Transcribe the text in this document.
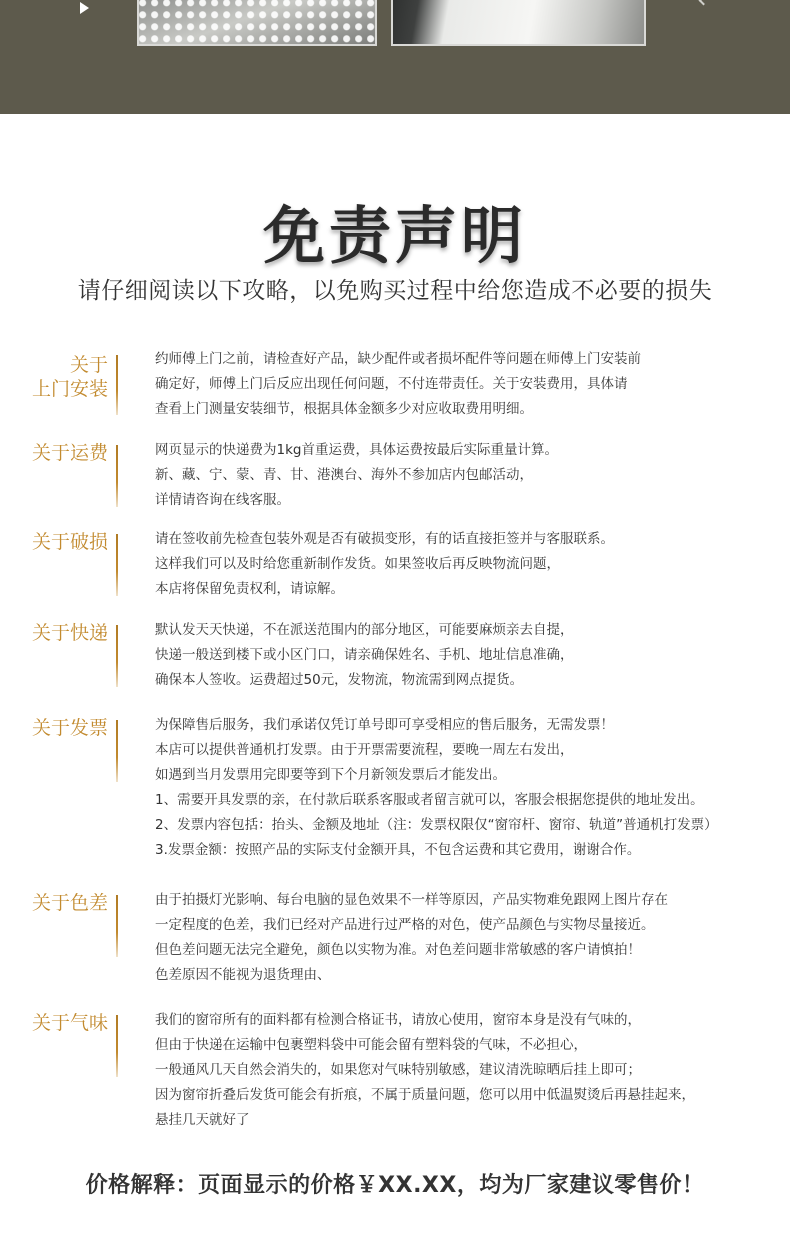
免责声明
请仔细阅读以下攻略，以免购买过程中给您造成不必要的损失
关于
上门安装
约师傅上门之前，请检查好产品，缺少配件或者损坏配件等问题在师傅上门安装前
确定好，师傅上门后反应出现任何问题，不付连带责任。关于安装费用，具体请
查看上门测量安装细节，根据具体金额多少对应收取费用明细。
关于运费	网页显示的快递费为1kg首重运费，具体运费按最后实际重量计算。
新、藏、宁、蒙、青、甘、港澳台、海外不参加店内包邮活动，
详情请咨询在线客服。
关于破损	请在签收前先检查包装外观是否有破损变形，有的话直接拒签并与客服联系。
这样我们可以及时给您重新制作发货。如果签收后再反映物流问题，
本店将保留免责权利，请谅解。
关于快递	默认发天天快递，不在派送范围内的部分地区，可能要麻烦亲去自提，
快递一般送到楼下或小区门口，请亲确保姓名、手机、地址信息准确，
确保本人签收。运费超过50元，发物流，物流需到网点提货。
关于发票	为保障售后服务，我们承诺仅凭订单号即可享受相应的售后服务，无需发票！
本店可以提供普通机打发票。由于开票需要流程，要晚一周左右发出，
如遇到当月发票用完即要等到下个月新领发票后才能发出。
1、需要开具发票的亲，在付款后联系客服或者留言就可以，客服会根据您提供的地址发出。
2、发票内容包括：抬头、金额及地址（注：发票权限仅“窗帘杆、窗帘、轨道”普通机打发票）
3.发票金额：按照产品的实际支付金额开具，不包含运费和其它费用，谢谢合作。
关于色差	由于拍摄灯光影响、每台电脑的显色效果不一样等原因，产品实物难免跟网上图片存在
一定程度的色差，我们已经对产品进行过严格的对色，使产品颜色与实物尽量接近。
但色差问题无法完全避免，颜色以实物为准。对色差问题非常敏感的客户请慎拍！
色差原因不能视为退货理由、
关于气味	我们的窗帘所有的面料都有检测合格证书，请放心使用，窗帘本身是没有气味的，
但由于快递在运输中包裹塑料袋中可能会留有塑料袋的气味，不必担心，
一般通风几天自然会消失的，如果您对气味特别敏感，建议清洗晾晒后挂上即可；
因为窗帘折叠后发货可能会有折痕，不属于质量问题，您可以用中低温熨烫后再悬挂起来，
悬挂几天就好了
价格解释：页面显示的价格￥XX.XX，均为厂家建议零售价！
